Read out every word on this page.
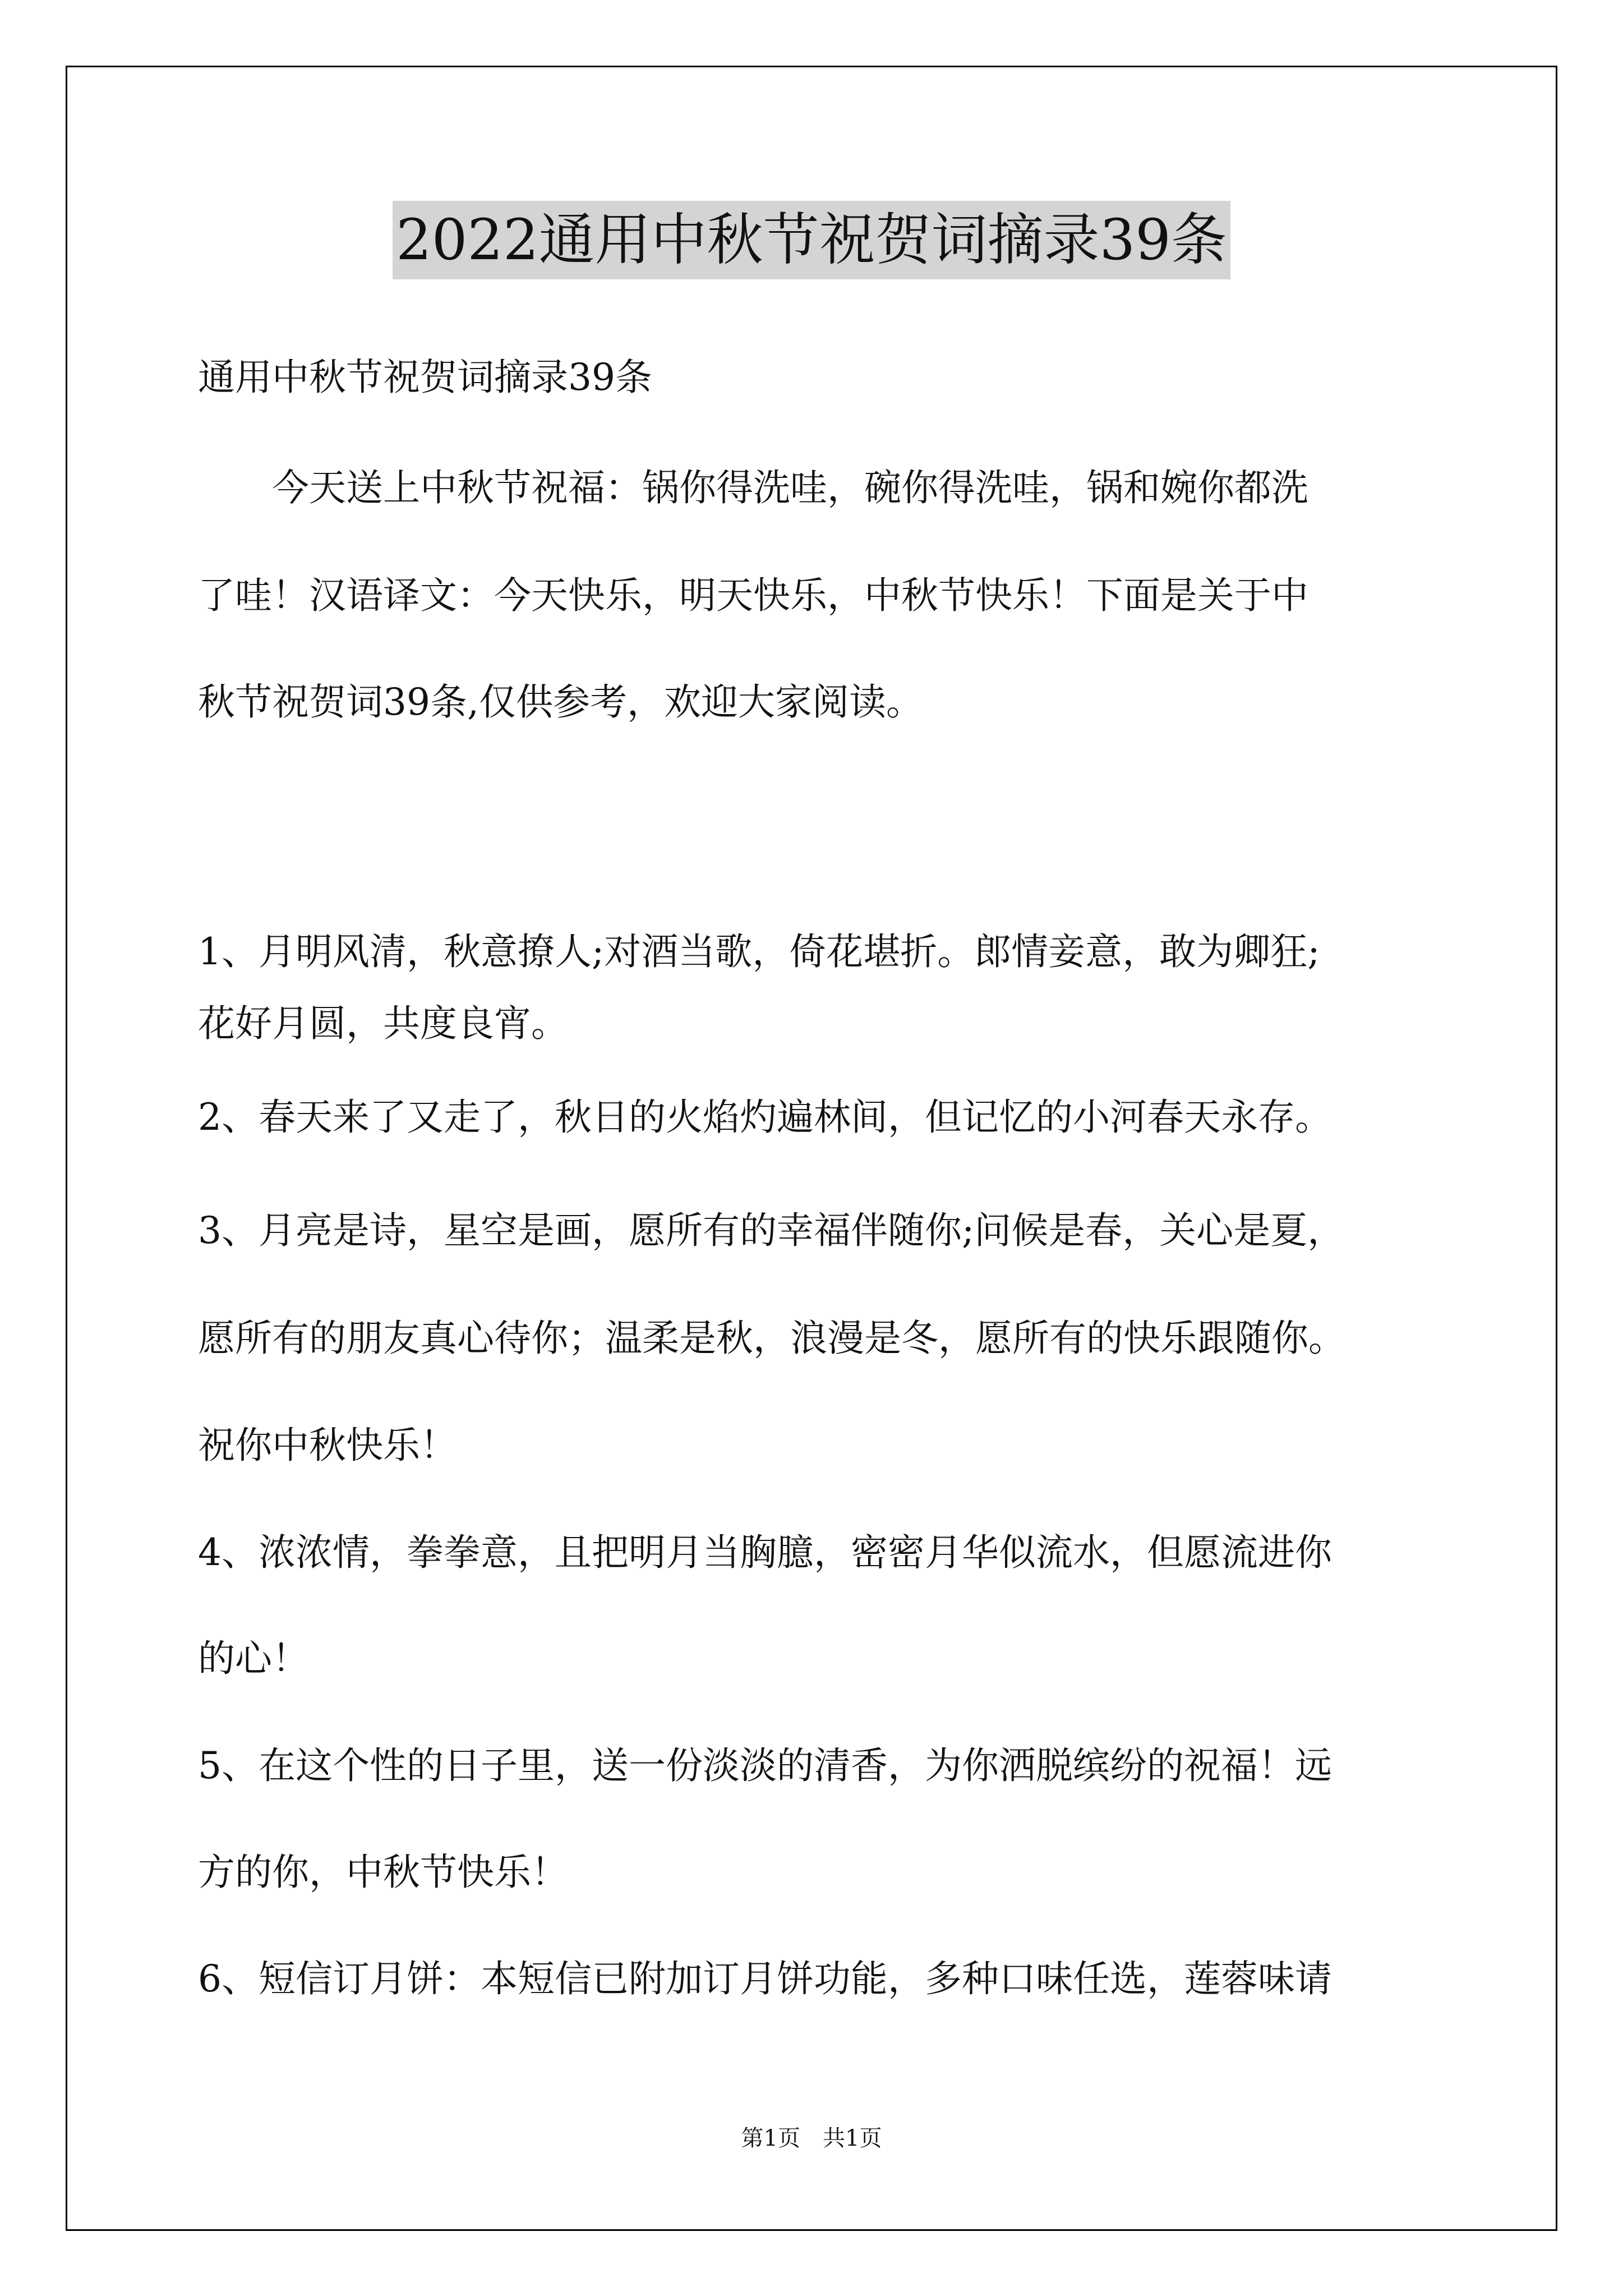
2022通用中秋节祝贺词摘录39条

通用中秋节祝贺词摘录39条

　　今天送上中秋节祝福：锅你得洗哇，碗你得洗哇，锅和婉你都洗

了哇！汉语译文：今天快乐，明天快乐，中秋节快乐！下面是关于中

秋节祝贺词39条,仅供参考，欢迎大家阅读。

1、月明风清，秋意撩人;对酒当歌，倚花堪折。郎情妾意，敢为卿狂;

花好月圆，共度良宵。

2、春天来了又走了，秋日的火焰灼遍林间，但记忆的小河春天永存。

3、月亮是诗，星空是画，愿所有的幸福伴随你;问候是春，关心是夏，

愿所有的朋友真心待你；温柔是秋，浪漫是冬，愿所有的快乐跟随你。

祝你中秋快乐！

4、浓浓情，拳拳意，且把明月当胸臆，密密月华似流水，但愿流进你

的心！

5、在这个性的日子里，送一份淡淡的清香，为你洒脱缤纷的祝福！远

方的你，中秋节快乐！

6、短信订月饼：本短信已附加订月饼功能，多种口味任选，莲蓉味请

第1页　共1页
